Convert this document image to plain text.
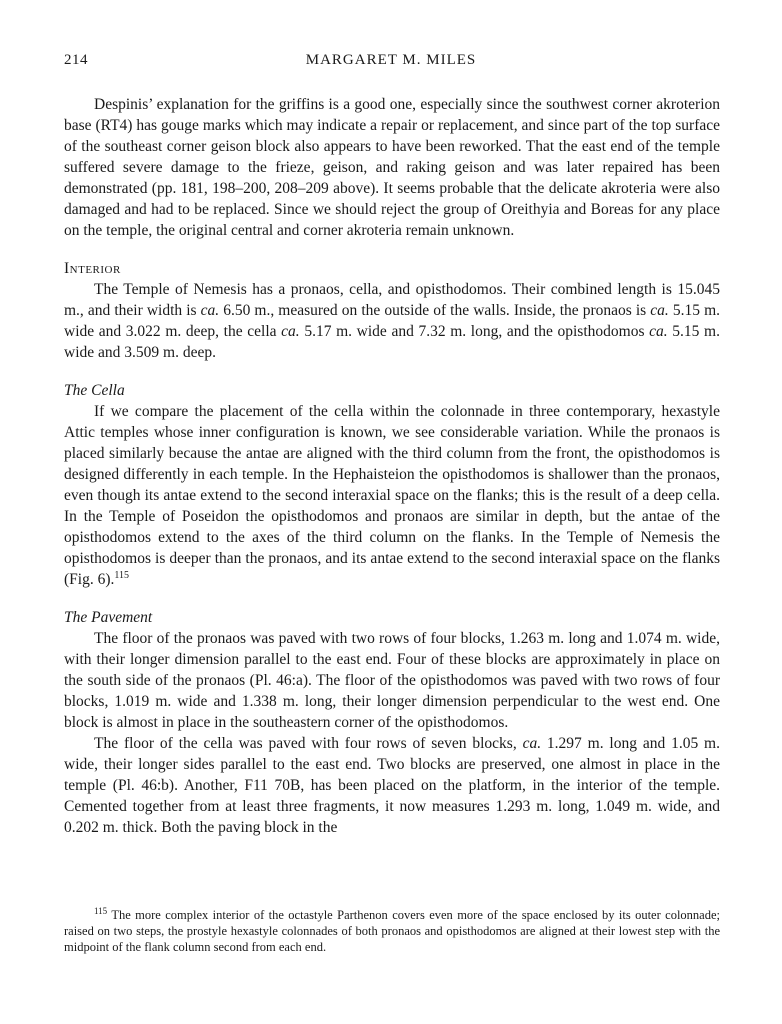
214	MARGARET M. MILES

Despinis’ explanation for the griffins is a good one, especially since the southwest corner akroterion base (RT4) has gouge marks which may indicate a repair or replacement, and since part of the top surface of the southeast corner geison block also appears to have been reworked. That the east end of the temple suffered severe damage to the frieze, geison, and raking geison and was later repaired has been demonstrated (pp. 181, 198–200, 208–209 above). It seems probable that the delicate akroteria were also damaged and had to be replaced. Since we should reject the group of Oreithyia and Boreas for any place on the temple, the original central and corner akroteria remain unknown.

Interior

The Temple of Nemesis has a pronaos, cella, and opisthodomos. Their combined length is 15.045 m., and their width is ca. 6.50 m., measured on the outside of the walls. Inside, the pronaos is ca. 5.15 m. wide and 3.022 m. deep, the cella ca. 5.17 m. wide and 7.32 m. long, and the opisthodomos ca. 5.15 m. wide and 3.509 m. deep.

The Cella

If we compare the placement of the cella within the colonnade in three contemporary, hexastyle Attic temples whose inner configuration is known, we see considerable variation. While the pronaos is placed similarly because the antae are aligned with the third column from the front, the opisthodomos is designed differently in each temple. In the Hephaisteion the opisthodomos is shallower than the pronaos, even though its antae extend to the second interaxial space on the flanks; this is the result of a deep cella. In the Temple of Poseidon the opisthodomos and pronaos are similar in depth, but the antae of the opisthodomos extend to the axes of the third column on the flanks. In the Temple of Nemesis the opisthodomos is deeper than the pronaos, and its antae extend to the second interaxial space on the flanks (Fig. 6).$^{115}$

The Pavement

The floor of the pronaos was paved with two rows of four blocks, 1.263 m. long and 1.074 m. wide, with their longer dimension parallel to the east end. Four of these blocks are approximately in place on the south side of the pronaos (Pl. 46:a). The floor of the opisthodomos was paved with two rows of four blocks, 1.019 m. wide and 1.338 m. long, their longer dimension perpendicular to the west end. One block is almost in place in the southeastern corner of the opisthodomos.

The floor of the cella was paved with four rows of seven blocks, ca. 1.297 m. long and 1.05 m. wide, their longer sides parallel to the east end. Two blocks are preserved, one almost in place in the temple (Pl. 46:b). Another, F11 70B, has been placed on the platform, in the interior of the temple. Cemented together from at least three fragments, it now measures 1.293 m. long, 1.049 m. wide, and 0.202 m. thick. Both the paving block in the

$^{115}$ The more complex interior of the octastyle Parthenon covers even more of the space enclosed by its outer colonnade; raised on two steps, the prostyle hexastyle colonnades of both pronaos and opisthodomos are aligned at their lowest step with the midpoint of the flank column second from each end.
